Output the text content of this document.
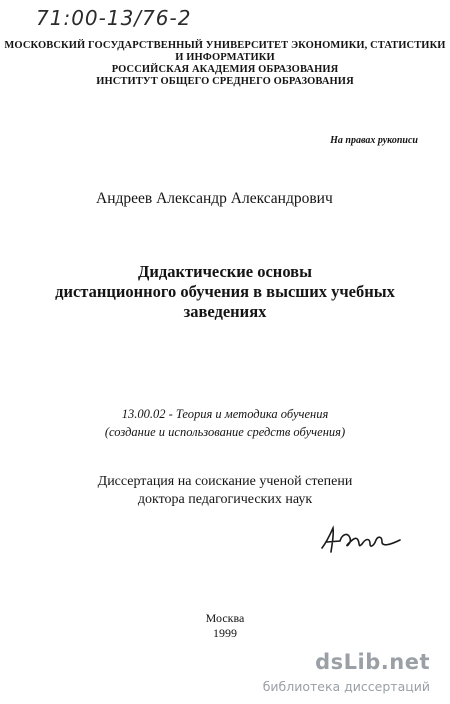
71:00-13/76-2
МОСКОВСКИЙ ГОСУДАРСТВЕННЫЙ УНИВЕРСИТЕТ ЭКОНОМИКИ, СТАТИСТИКИ И ИНФОРМАТИКИ
РОССИЙСКАЯ АКАДЕМИЯ ОБРАЗОВАНИЯ
ИНСТИТУТ ОБЩЕГО СРЕДНЕГО ОБРАЗОВАНИЯ
На правах рукописи
Андреев Александр Александрович
Дидактические основы
дистанционного обучения в высших учебных
заведениях
13.00.02 - Теория и методика обучения
(создание и использование средств обучения)
Диссертация на соискание ученой степени
доктора педагогических наук
Москва
1999
dsLib.net
библиотека диссертаций
